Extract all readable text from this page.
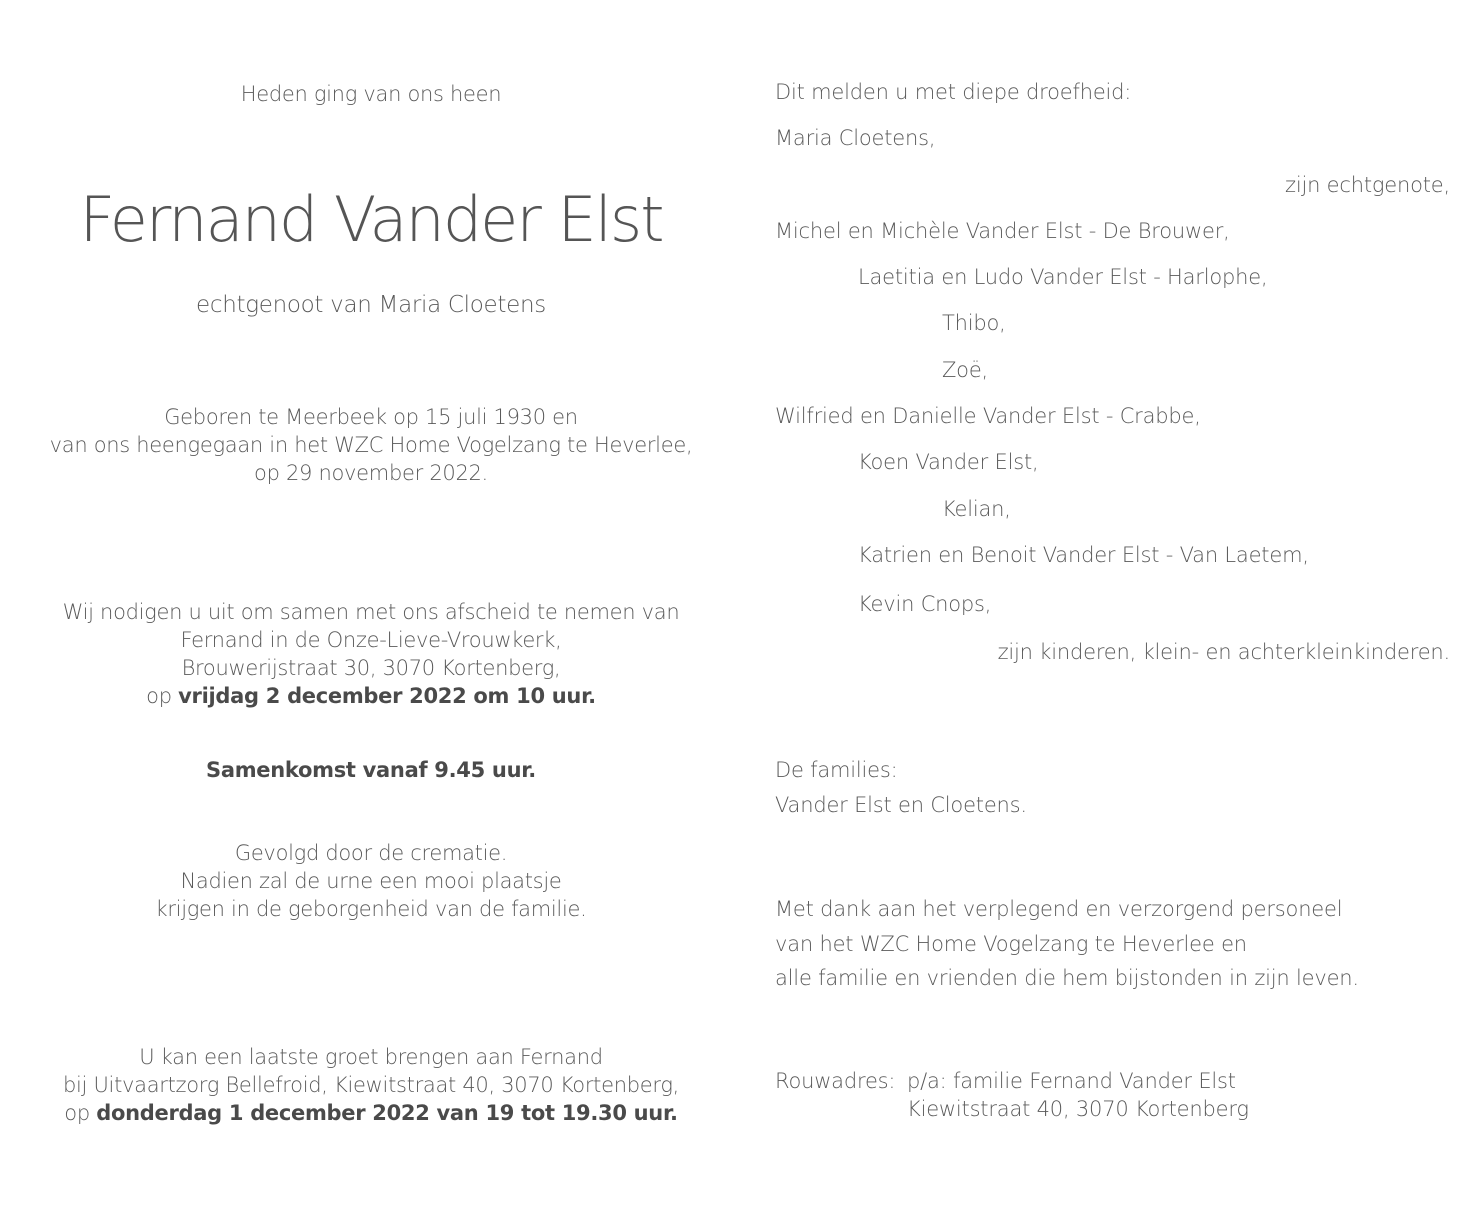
Heden ging van ons heen
Fernand Vander Elst
echtgenoot van Maria Cloetens
Geboren te Meerbeek op 15 juli 1930 en
van ons heengegaan in het WZC Home Vogelzang te Heverlee,
op 29 november 2022.
Wij nodigen u uit om samen met ons afscheid te nemen van
Fernand in de Onze-Lieve-Vrouwkerk,
Brouwerijstraat 30, 3070 Kortenberg,
op vrijdag 2 december 2022 om 10 uur.
Samenkomst vanaf 9.45 uur.
Gevolgd door de crematie.
Nadien zal de urne een mooi plaatsje
krijgen in de geborgenheid van de familie.
U kan een laatste groet brengen aan Fernand
bij Uitvaartzorg Bellefroid, Kiewitstraat 40, 3070 Kortenberg,
op donderdag 1 december 2022 van 19 tot 19.30 uur.
Dit melden u met diepe droefheid:
Maria Cloetens,
zijn echtgenote,
Michel en Michèle Vander Elst - De Brouwer,
Laetitia en Ludo Vander Elst - Harlophe,
Thibo,
Zoë,
Wilfried en Danielle Vander Elst - Crabbe,
Koen Vander Elst,
Kelian,
Katrien en Benoit Vander Elst - Van Laetem,
Kevin Cnops,
zijn kinderen, klein- en achterkleinkinderen.
De families:
Vander Elst en Cloetens.
Met dank aan het verplegend en verzorgend personeel
van het WZC Home Vogelzang te Heverlee en
alle familie en vrienden die hem bijstonden in zijn leven.
Rouwadres: p/a: familie Fernand Vander Elst
Kiewitstraat 40, 3070 Kortenberg
